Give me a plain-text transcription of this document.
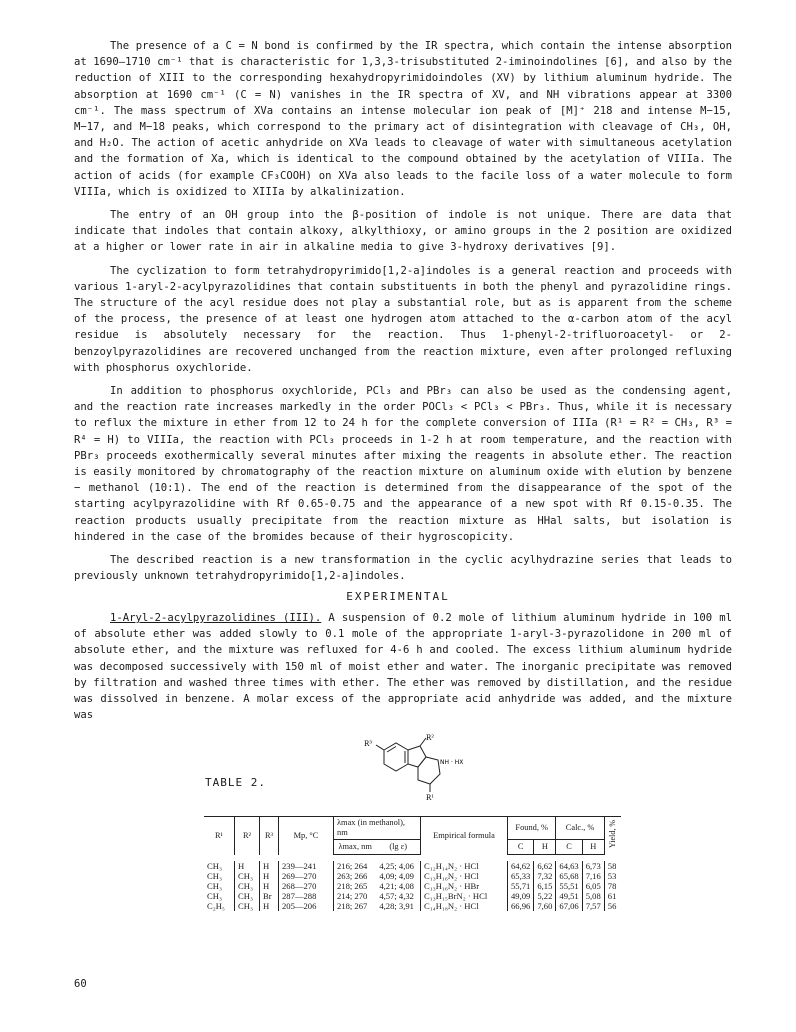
The presence of a C = N bond is confirmed by the IR spectra, which contain the intense absorption at 1690–1710 cm⁻¹ that is characteristic for 1,3,3-trisubstituted 2-iminoindolines [6], and also by the reduction of XIII to the corresponding hexahydropyrimidoindoles (XV) by lithium aluminum hydride. The absorption at 1690 cm⁻¹ (C = N) vanishes in the IR spectra of XV, and NH vibrations appear at 3300 cm⁻¹. The mass spectrum of XVa contains an intense molecular ion peak of [M]⁺ 218 and intense M−15, M−17, and M−18 peaks, which correspond to the primary act of disintegration with cleavage of CH₃, OH, and H₂O. The action of acetic anhydride on XVa leads to cleavage of water with simultaneous acetylation and the formation of Xa, which is identical to the compound obtained by the acetylation of VIIIa. The action of acids (for example CF₃COOH) on XVa also leads to the facile loss of a water molecule to form VIIIa, which is oxidized to XIIIa by alkalinization.

The entry of an OH group into the β-position of indole is not unique. There are data that indicate that indoles that contain alkoxy, alkylthioxy, or amino groups in the 2 position are oxidized at a higher or lower rate in air in alkaline media to give 3-hydroxy derivatives [9].

The cyclization to form tetrahydropyrimido[1,2-a]indoles is a general reaction and proceeds with various 1-aryl-2-acylpyrazolidines that contain substituents in both the phenyl and pyrazolidine rings. The structure of the acyl residue does not play a substantial role, but as is apparent from the scheme of the process, the presence of at least one hydrogen atom attached to the α-carbon atom of the acyl residue is absolutely necessary for the reaction. Thus 1-phenyl-2-trifluoroacetyl- or 2-benzoylpyrazolidines are recovered unchanged from the reaction mixture, even after prolonged refluxing with phosphorus oxychloride.

In addition to phosphorus oxychloride, PCl₃ and PBr₃ can also be used as the condensing agent, and the reaction rate increases markedly in the order POCl₃ < PCl₃ < PBr₃. Thus, while it is necessary to reflux the mixture in ether from 12 to 24 h for the complete conversion of IIIa (R¹ = R² = CH₃, R³ = R⁴ = H) to VIIIa, the reaction with PCl₃ proceeds in 1-2 h at room temperature, and the reaction with PBr₃ proceeds exothermically several minutes after mixing the reagents in absolute ether. The reaction is easily monitored by chromatography of the reaction mixture on aluminum oxide with elution by benzene − methanol (10:1). The end of the reaction is determined from the disappearance of the spot of the starting acylpyrazolidine with Rf 0.65-0.75 and the appearance of a new spot with Rf 0.15-0.35. The reaction products usually precipitate from the reaction mixture as HHal salts, but isolation is hindered in the case of the bromides because of their hygroscopicity.

The described reaction is a new transformation in the cyclic acylhydrazine series that leads to previously unknown tetrahydropyrimido[1,2-a]indoles.

EXPERIMENTAL

1-Aryl-2-acylpyrazolidines (III). A suspension of 0.2 mole of lithium aluminum hydride in 100 ml of absolute ether was added slowly to 0.1 mole of the appropriate 1-aryl-3-pyrazolidone in 200 ml of absolute ether, and the mixture was refluxed for 4-6 h and cooled. The excess lithium aluminum hydride was decomposed successively with 150 ml of moist ether and water. The inorganic precipitate was removed by filtration and washed three times with ether. The ether was removed by distillation, and the residue was dissolved in benzene. A molar excess of the appropriate acid anhydride was added, and the mixture was

TABLE 2.
R³
R²
NH · HX
R¹
R¹	R²	R³	Mp, °C	λmax (in methanol), nm		Empirical formula	Found, %		Calc., %		Yield, %
				λmax, nm	(lg ε)		C	H	C	H	

CH₃	H	H	239—241	216; 264	4,25; 4,06	C₁₂H₁₄N₂ · HCl	64,62	6,62	64,63	6,73	58
CH₃	CH₃	H	269—270	263; 266	4,09; 4,09	C₁₃H₁₆N₂ · HCl	65,33	7,32	65,68	7,16	53
CH₃	CH₃	H	268—270	218; 265	4,21; 4,08	C₁₃H₁₆N₂ · HBr	55,71	6,15	55,51	6,05	78
CH₃	CH₃	Br	287—288	214; 270	4,57; 4,32	C₁₃H₁₅BrN₂ · HCl	49,09	5,22	49,51	5,08	61
C₂H₅	CH₃	H	205—206	218; 267	4,28; 3,91	C₁₄H₁₈N₂ · HCl	66,96	7,60	67,06	7,57	56
60
